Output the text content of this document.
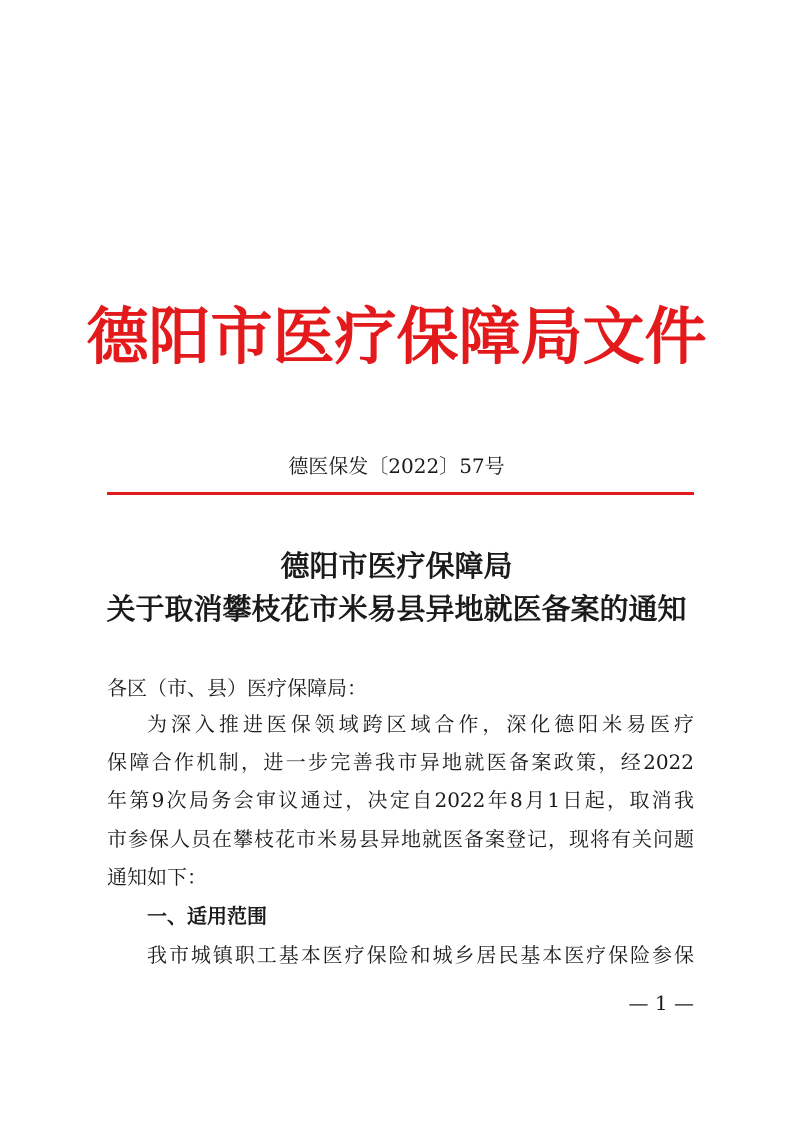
德阳市医疗保障局文件
德医保发〔2022〕57号
德阳市医疗保障局
关于取消攀枝花市米易县异地就医备案的通知
各区（市、县）医疗保障局：
为深入推进医保领域跨区域合作，深化德阳米易医疗
保障合作机制，进一步完善我市异地就医备案政策，经2022
年第9次局务会审议通过，决定自2022年8月1日起，取消我
市参保人员在攀枝花市米易县异地就医备案登记，现将有关问题
通知如下：
一、适用范围
我市城镇职工基本医疗保险和城乡居民基本医疗保险参保
— 1 —
